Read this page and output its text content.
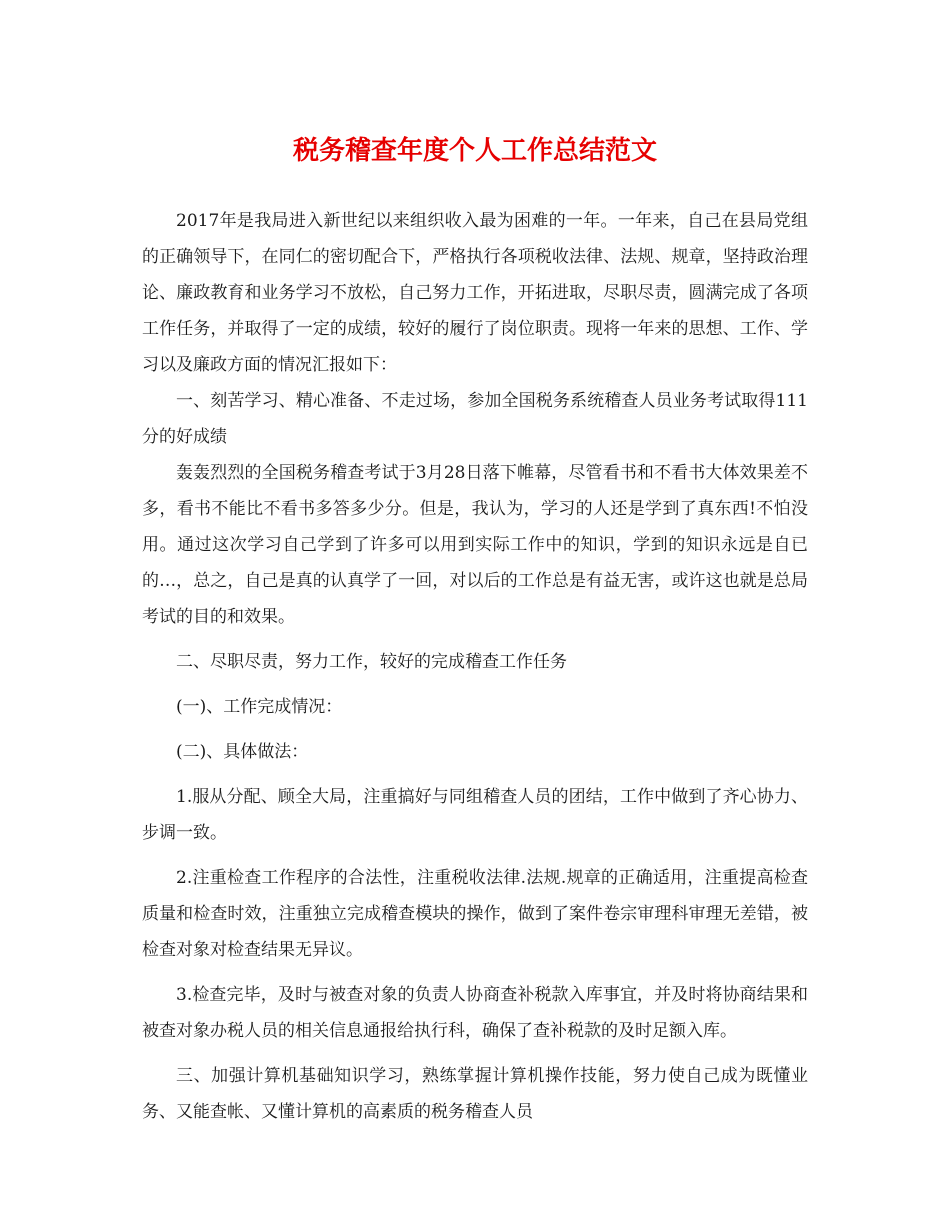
税务稽查年度个人工作总结范文

2017年是我局进入新世纪以来组织收入最为困难的一年。一年来，自己在县局党组的正确领导下，在同仁的密切配合下，严格执行各项税收法律、法规、规章，坚持政治理论、廉政教育和业务学习不放松，自己努力工作，开拓进取，尽职尽责，圆满完成了各项工作任务，并取得了一定的成绩，较好的履行了岗位职责。现将一年来的思想、工作、学习以及廉政方面的情况汇报如下：

一、刻苦学习、精心准备、不走过场，参加全国税务系统稽查人员业务考试取得111分的好成绩

轰轰烈烈的全国税务稽查考试于3月28日落下帷幕，尽管看书和不看书大体效果差不多，看书不能比不看书多答多少分。但是，我认为，学习的人还是学到了真东西!不怕没用。通过这次学习自己学到了许多可以用到实际工作中的知识，学到的知识永远是自已的…，总之，自己是真的认真学了一回，对以后的工作总是有益无害，或许这也就是总局考试的目的和效果。

二、尽职尽责，努力工作，较好的完成稽查工作任务

(一)、工作完成情况：

(二)、具体做法：

1.服从分配、顾全大局，注重搞好与同组稽查人员的团结，工作中做到了齐心协力、步调一致。

2.注重检查工作程序的合法性，注重税收法律.法规.规章的正确适用，注重提高检查质量和检查时效，注重独立完成稽查模块的操作，做到了案件卷宗审理科审理无差错，被检查对象对检查结果无异议。

3.检查完毕，及时与被查对象的负责人协商查补税款入库事宜，并及时将协商结果和被查对象办税人员的相关信息通报给执行科，确保了查补税款的及时足额入库。

三、加强计算机基础知识学习，熟练掌握计算机操作技能，努力使自己成为既懂业务、又能查帐、又懂计算机的高素质的税务稽查人员
